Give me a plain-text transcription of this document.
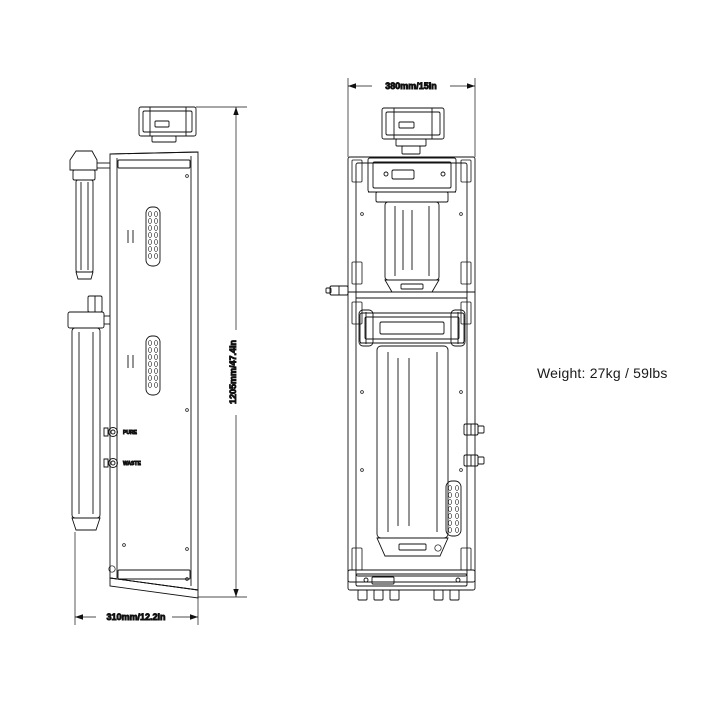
1205mm/47.4In
310mm/12.2In
PURE
WASTE
380mm/15In
Weight: 27kg / 59lbs
